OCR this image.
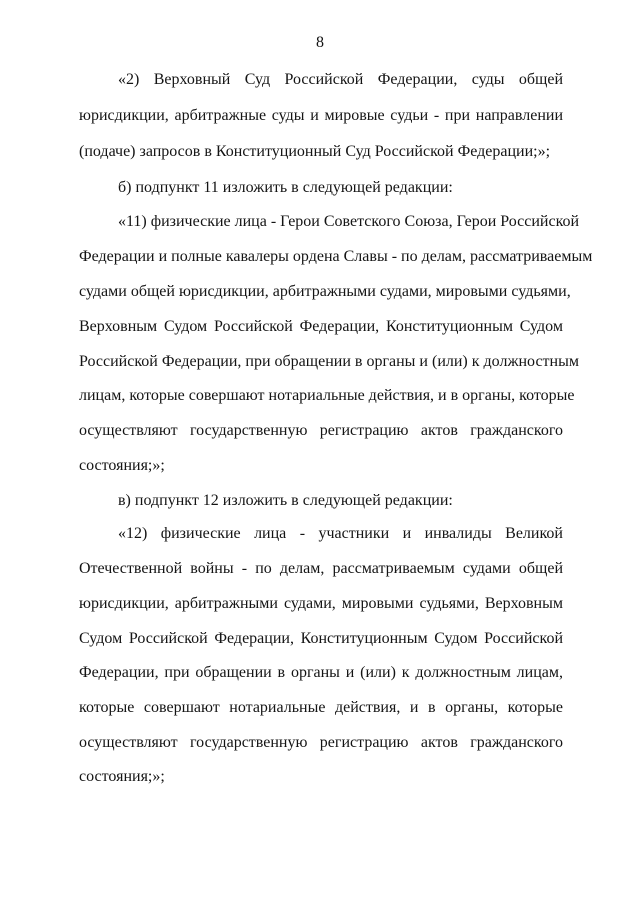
8
«2) Верховный Суд Российской Федерации, суды общей
юрисдикции, арбитражные суды и мировые судьи - при направлении
(подаче) запросов в Конституционный Суд Российской Федерации;»;
б) подпункт 11 изложить в следующей редакции:
«11) физические лица - Герои Советского Союза, Герои Российской
Федерации и полные кавалеры ордена Славы - по делам, рассматриваемым
судами общей юрисдикции, арбитражными судами, мировыми судьями,
Верховным Судом Российской Федерации, Конституционным Судом
Российской Федерации, при обращении в органы и (или) к должностным
лицам, которые совершают нотариальные действия, и в органы, которые
осуществляют государственную регистрацию актов гражданского
состояния;»;
в) подпункт 12 изложить в следующей редакции:
«12) физические лица - участники и инвалиды Великой
Отечественной войны - по делам, рассматриваемым судами общей
юрисдикции, арбитражными судами, мировыми судьями, Верховным
Судом Российской Федерации, Конституционным Судом Российской
Федерации, при обращении в органы и (или) к должностным лицам,
которые совершают нотариальные действия, и в органы, которые
осуществляют государственную регистрацию актов гражданского
состояния;»;
